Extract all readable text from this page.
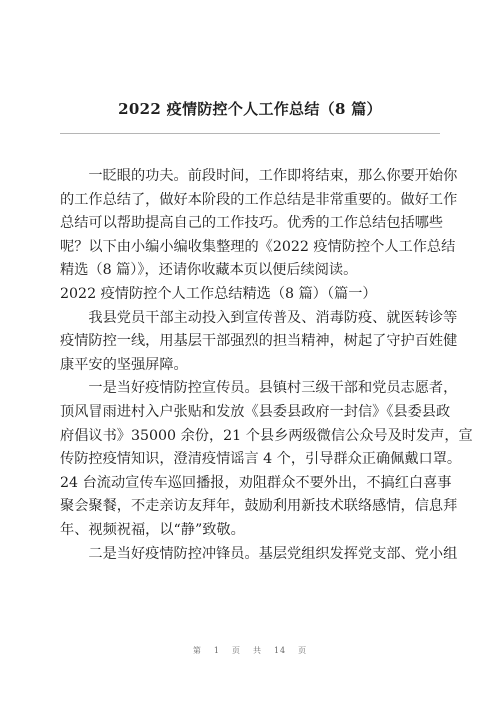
2022 疫情防控个人工作总结（8 篇）
　　一眨眼的功夫。前段时间，工作即将结束，那么你要开始你
的工作总结了，做好本阶段的工作总结是非常重要的。做好工作
总结可以帮助提高自己的工作技巧。优秀的工作总结包括哪些
呢？以下由小编小编收集整理的《2022 疫情防控个人工作总结
精选（8 篇）》，还请你收藏本页以便后续阅读。
2022 疫情防控个人工作总结精选（8 篇）（篇一）
　　我县党员干部主动投入到宣传普及、消毒防疫、就医转诊等
疫情防控一线，用基层干部强烈的担当精神，树起了守护百姓健
康平安的坚强屏障。
　　一是当好疫情防控宣传员。县镇村三级干部和党员志愿者，
顶风冒雨进村入户张贴和发放《县委县政府一封信》《县委县政
府倡议书》35000 余份，21 个县乡两级微信公众号及时发声，宣
传防控疫情知识，澄清疫情谣言 4 个，引导群众正确佩戴口罩。
24 台流动宣传车巡回播报，劝阻群众不要外出，不搞红白喜事
聚会聚餐，不走亲访友拜年，鼓励利用新技术联络感情，信息拜
年、视频祝福，以“静”致敬。
　　二是当好疫情防控冲锋员。基层党组织发挥党支部、党小组
第 1 页 共 14 页
